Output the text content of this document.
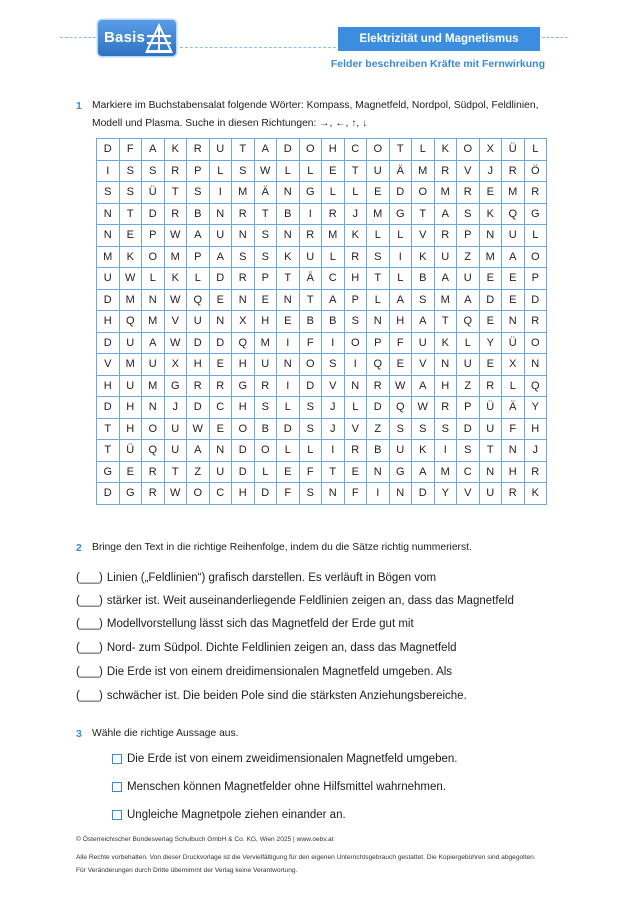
Basis	Elektrizität und Magnetismus
Felder beschreiben Kräfte mit Fernwirkung
1 Markiere im Buchstabensalat folgende Wörter: Kompass, Magnetfeld, Nordpol, Südpol, Feldlinien,
Modell und Plasma. Suche in diesen Richtungen: →, ←, ↑, ↓
D	F	A	K	R	U	T	A	D	O	H	C	O	T	L	K	O	X	Ü	L
I	S	S	R	P	L	S	W	L	L	E	T	U	Ä	M	R	V	J	R	Ö
S	S	Ü	T	S	I	M	Ä	N	G	L	L	E	D	O	M	R	E	M	R
N	T	D	R	B	N	R	T	B	I	R	J	M	G	T	A	S	K	Q	G
N	E	P	W	A	U	N	S	N	R	M	K	L	L	V	R	P	N	U	L
M	K	O	M	P	A	S	S	K	U	L	R	S	I	K	U	Z	M	A	O
U	W	L	K	L	D	R	P	T	Ä	C	H	T	L	B	A	U	E	E	P
D	M	N	W	Q	E	N	E	N	T	A	P	L	A	S	M	A	D	E	D
H	Q	M	V	U	N	X	H	E	B	B	S	N	H	A	T	Q	E	N	R
D	U	A	W	D	D	Q	M	I	F	I	O	P	F	U	K	L	Y	Ü	O
V	M	U	X	H	E	H	U	N	O	S	I	Q	E	V	N	U	E	X	N
H	U	M	G	R	R	G	R	I	D	V	N	R	W	A	H	Z	R	L	Q
D	H	N	J	D	C	H	S	L	S	J	L	D	Q	W	R	P	Ü	Ä	Y
T	H	O	U	W	E	O	B	D	S	J	V	Z	S	S	S	D	U	F	H
T	Ü	Q	U	A	N	D	O	L	L	I	R	B	U	K	I	S	T	N	J
G	E	R	T	Z	U	D	L	E	F	T	E	N	G	A	M	C	N	H	R
D	G	R	W	O	C	H	D	F	S	N	F	I	N	D	Y	V	U	R	K
2 Bringe den Text in die richtige Reihenfolge, indem du die Sätze richtig nummerierst.
(___) Linien („Feldlinien“) grafisch darstellen. Es verläuft in Bögen vom
(___) stärker ist. Weit auseinanderliegende Feldlinien zeigen an, dass das Magnetfeld
(___) Modellvorstellung lässt sich das Magnetfeld der Erde gut mit
(___) Nord- zum Südpol. Dichte Feldlinien zeigen an, dass das Magnetfeld
(___) Die Erde ist von einem dreidimensionalen Magnetfeld umgeben. Als
(___) schwächer ist. Die beiden Pole sind die stärksten Anziehungsbereiche.
3 Wähle die richtige Aussage aus.
Die Erde ist von einem zweidimensionalen Magnetfeld umgeben.
Menschen können Magnetfelder ohne Hilfsmittel wahrnehmen.
Ungleiche Magnetpole ziehen einander an.
© Österreichischer Bundesverlag Schulbuch GmbH & Co. KG, Wien 2025 | www.oebv.at
Alle Rechte vorbehalten. Von dieser Druckvorlage ist die Vervielfältigung für den eigenen Unterrichtsgebrauch gestattet. Die Kopiergebühren sind abgegolten.
Für Veränderungen durch Dritte übernimmt der Verlag keine Verantwortung.
